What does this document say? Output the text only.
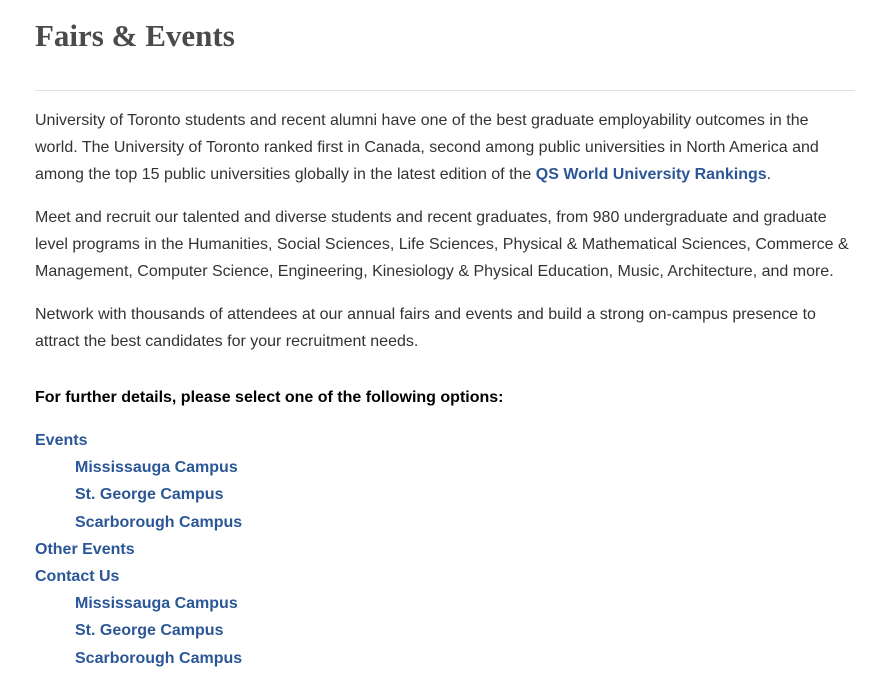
Fairs & Events

University of Toronto students and recent alumni have one of the best graduate employability outcomes in the world. The University of Toronto ranked first in Canada, second among public universities in North America and among the top 15 public universities globally in the latest edition of the QS World University Rankings.

Meet and recruit our talented and diverse students and recent graduates, from 980 undergraduate and graduate level programs in the Humanities, Social Sciences, Life Sciences, Physical & Mathematical Sciences, Commerce & Management, Computer Science, Engineering, Kinesiology & Physical Education, Music, Architecture, and more.

Network with thousands of attendees at our annual fairs and events and build a strong on-campus presence to attract the best candidates for your recruitment needs.

For further details, please select one of the following options:
Events
Mississauga Campus
St. George Campus
Scarborough Campus
Other Events
Contact Us
Mississauga Campus
St. George Campus
Scarborough Campus
